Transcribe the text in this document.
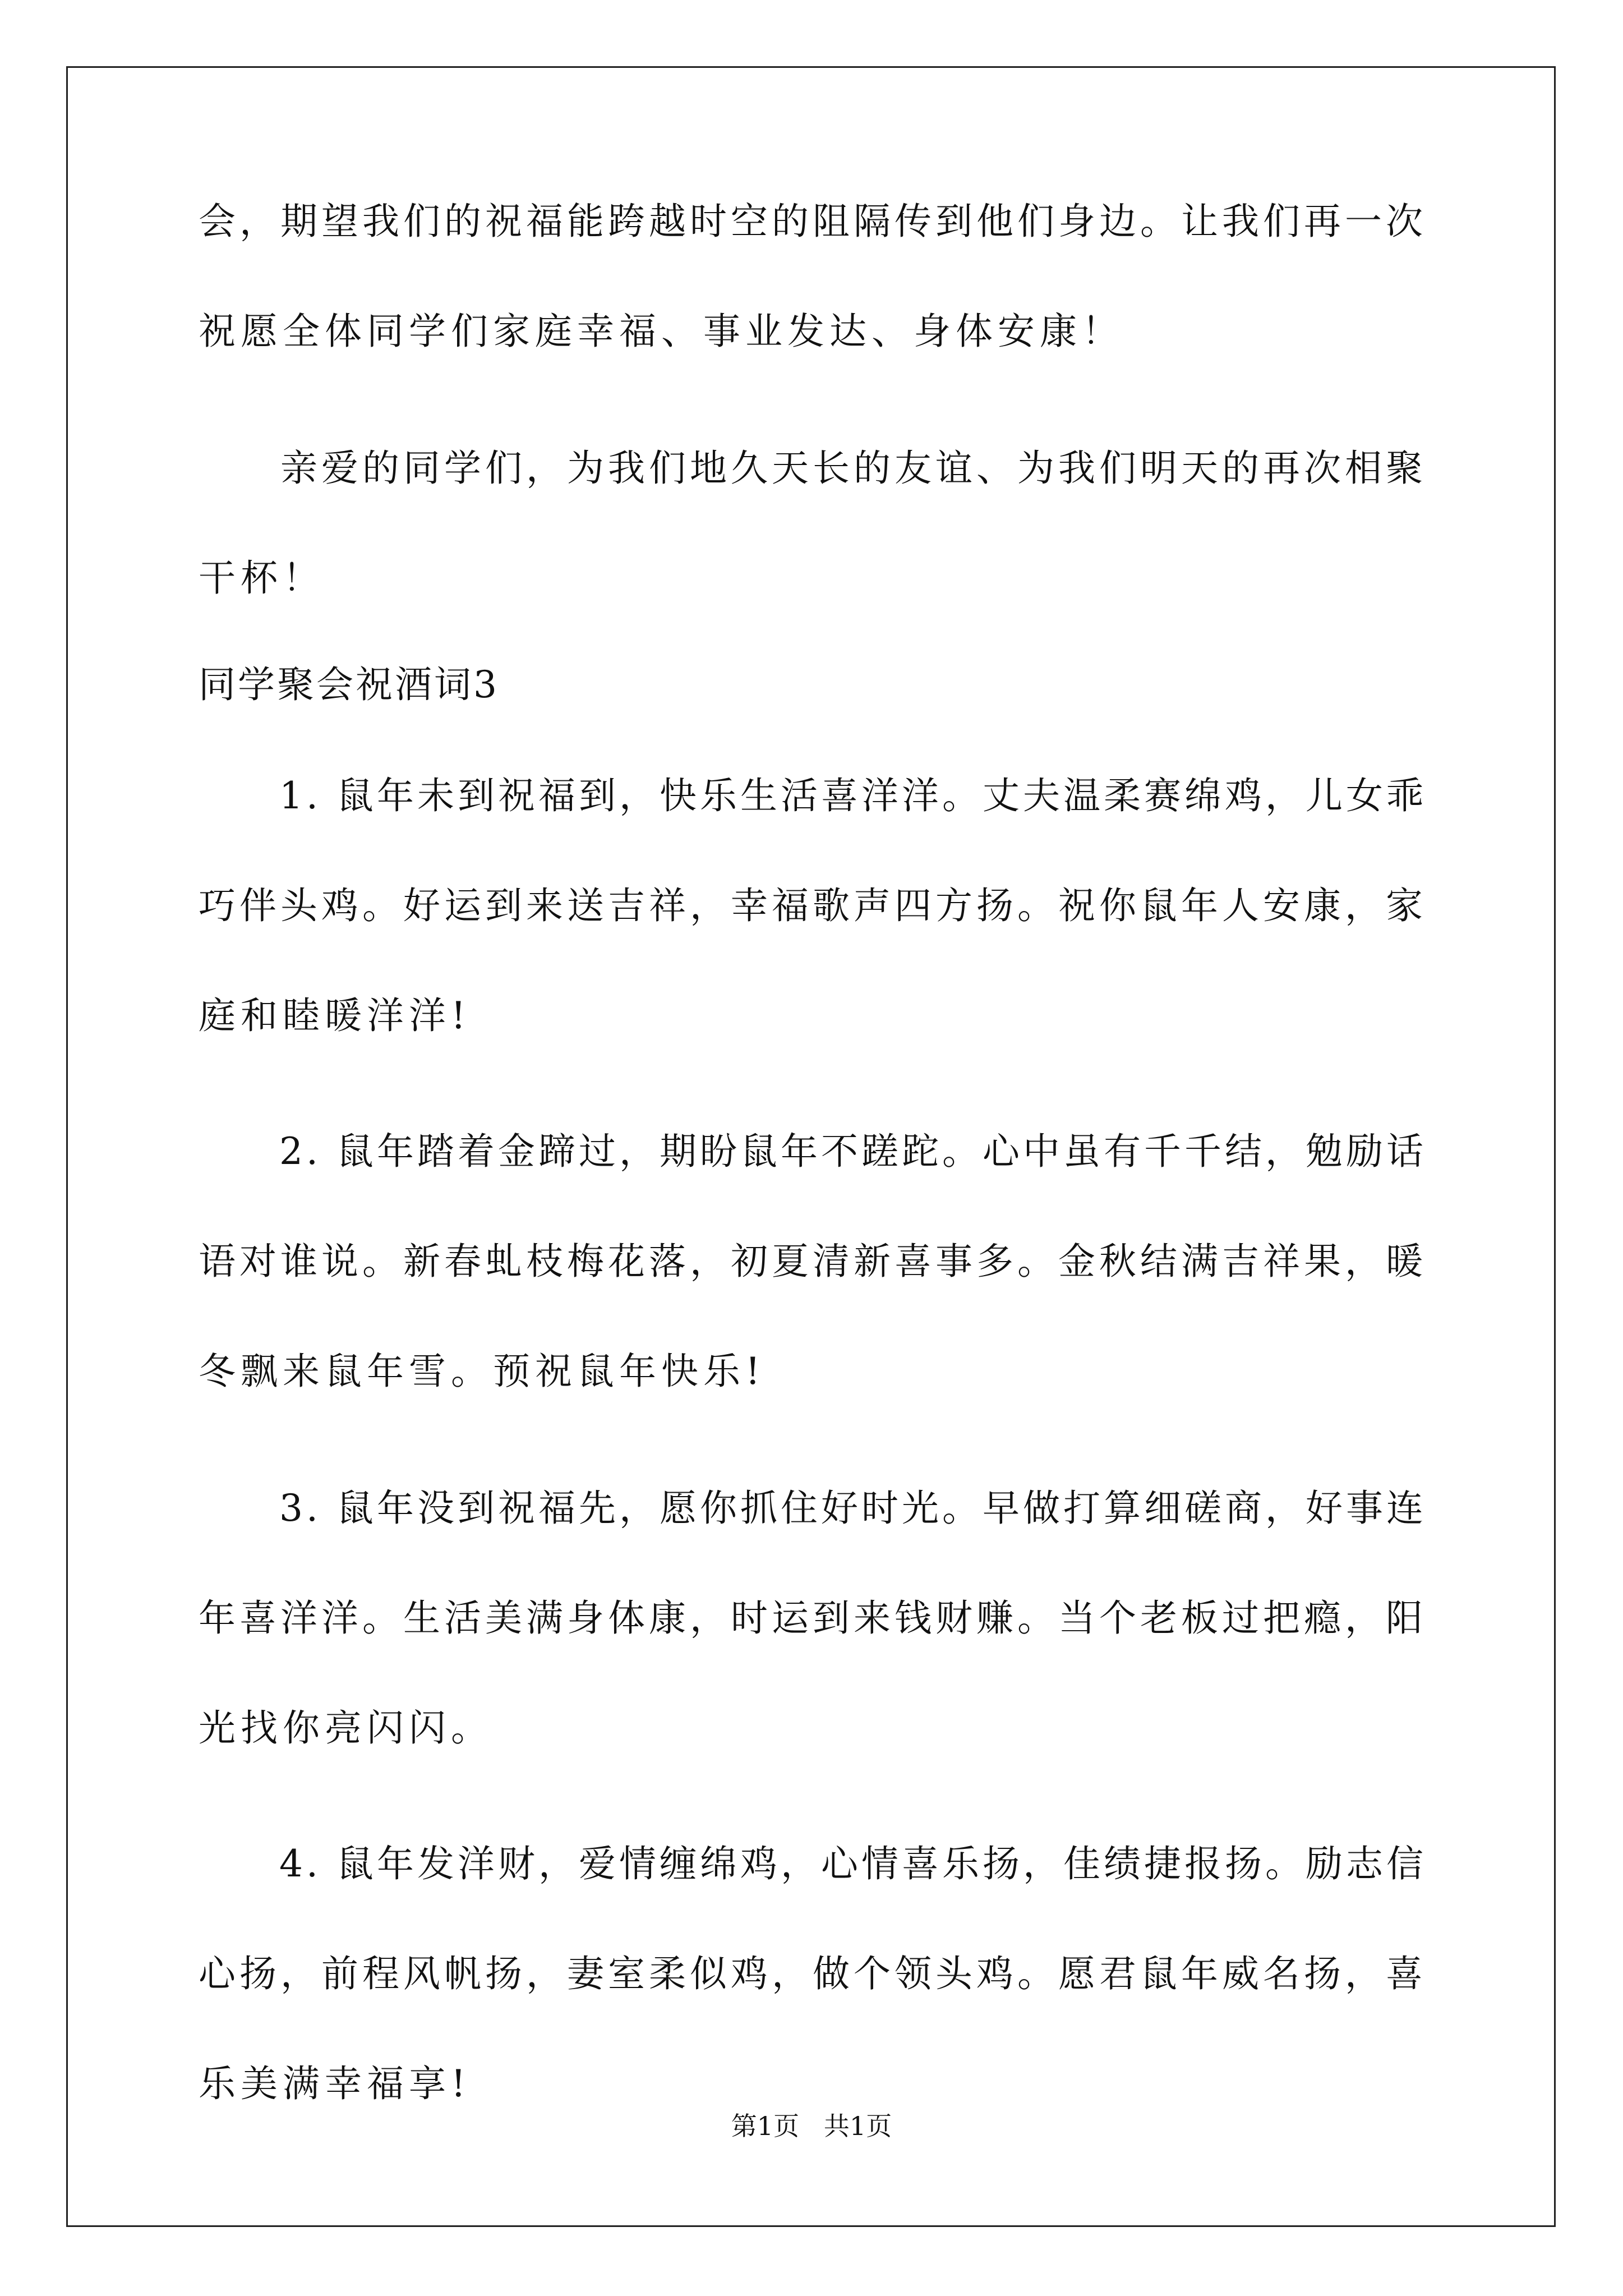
会，期望我们的祝福能跨越时空的阻隔传到他们身边。让我们再一次
祝愿全体同学们家庭幸福、事业发达、身体安康！
　　亲爱的同学们，为我们地久天长的友谊、为我们明天的再次相聚
干杯！
同学聚会祝酒词3
　　1. 鼠年未到祝福到，快乐生活喜洋洋。丈夫温柔赛绵鸡，儿女乖
巧伴头鸡。好运到来送吉祥，幸福歌声四方扬。祝你鼠年人安康，家
庭和睦暖洋洋!
　　2. 鼠年踏着金蹄过，期盼鼠年不蹉跎。心中虽有千千结，勉励话
语对谁说。新春虬枝梅花落，初夏清新喜事多。金秋结满吉祥果，暖
冬飘来鼠年雪。预祝鼠年快乐!
　　3. 鼠年没到祝福先，愿你抓住好时光。早做打算细磋商，好事连
年喜洋洋。生活美满身体康，时运到来钱财赚。当个老板过把瘾，阳
光找你亮闪闪。
　　4. 鼠年发洋财，爱情缠绵鸡，心情喜乐扬，佳绩捷报扬。励志信
心扬，前程风帆扬，妻室柔似鸡，做个领头鸡。愿君鼠年威名扬，喜
乐美满幸福享!
第1页   共1页
